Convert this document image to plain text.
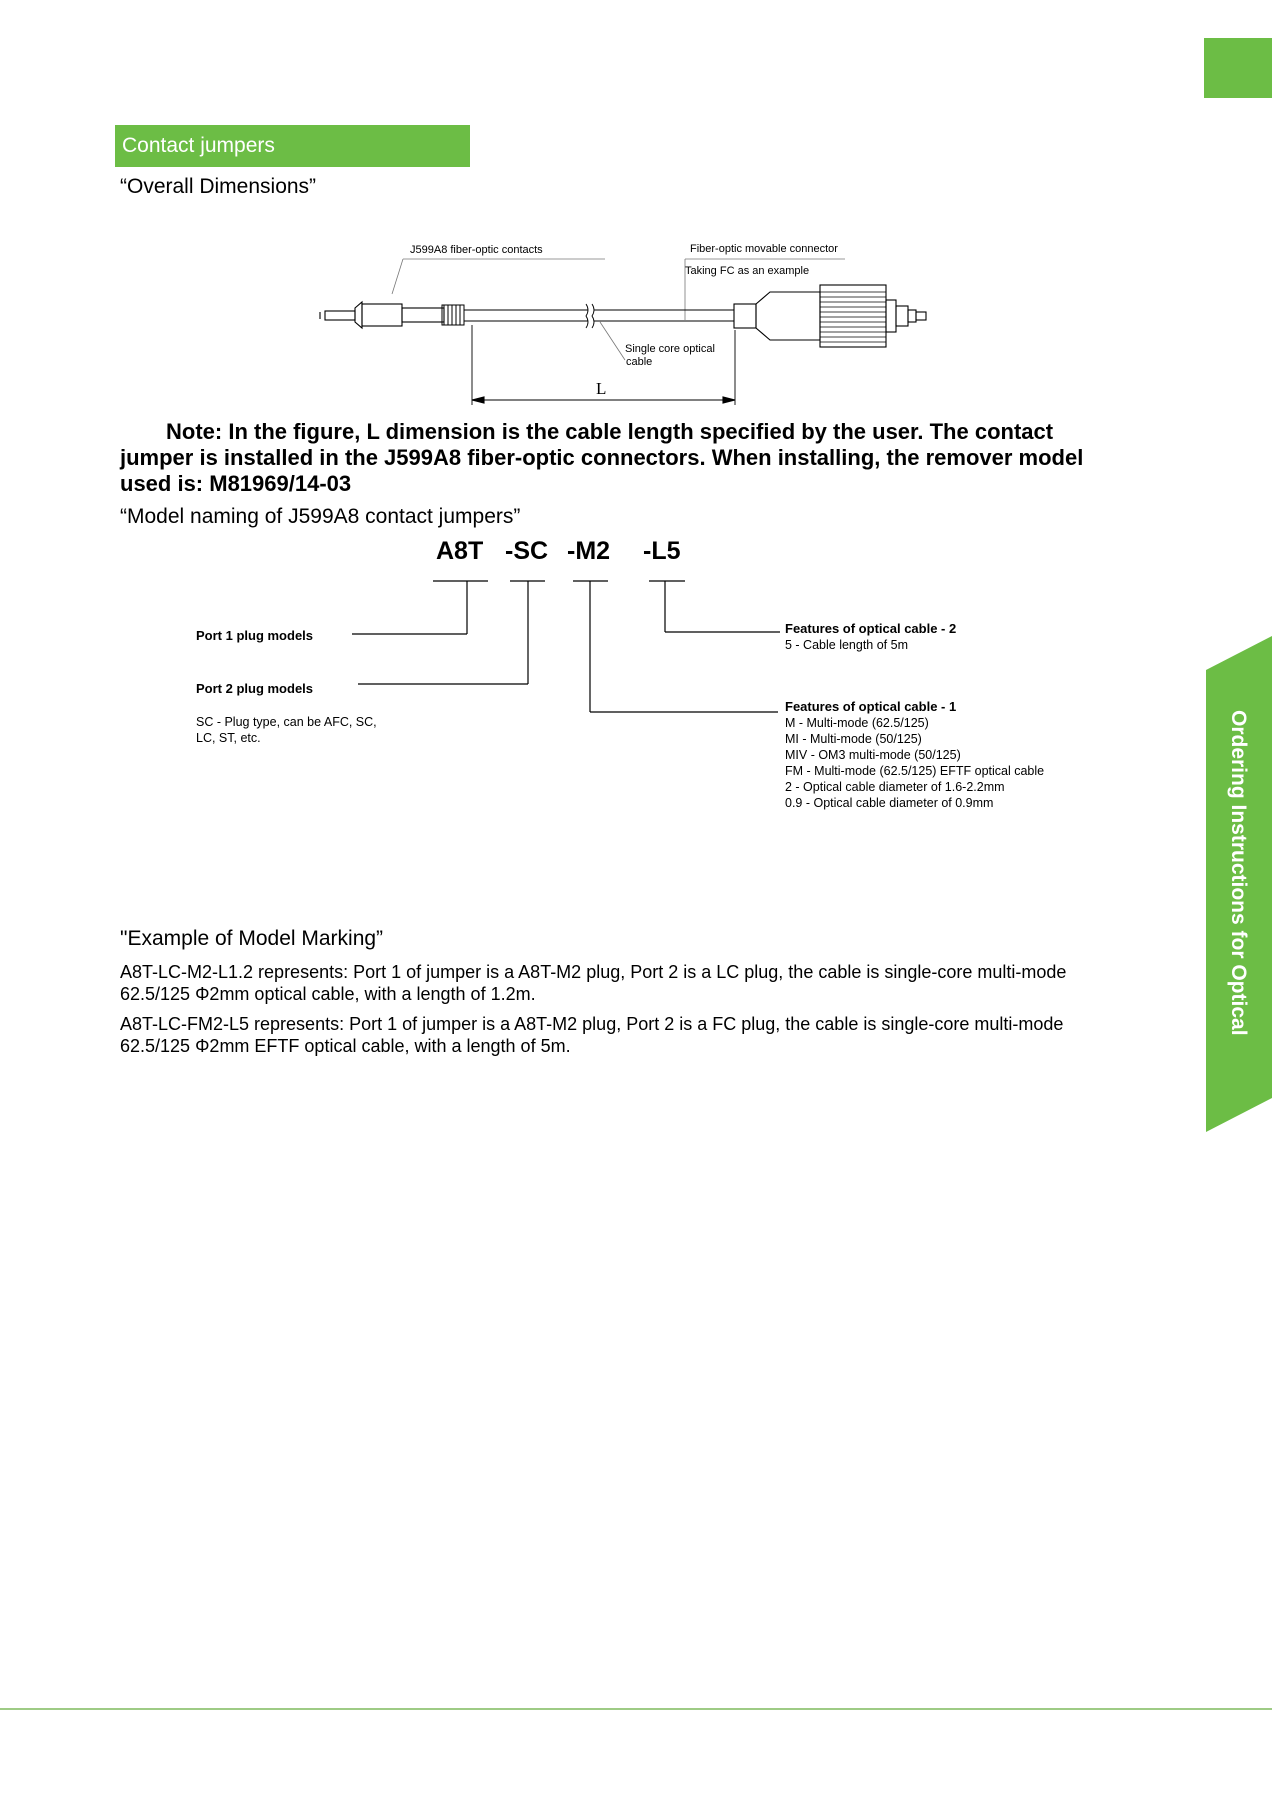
Contact jumpers
“Overall Dimensions”
J599A8 fiber-optic contacts	Fiber-optic movable connector
Taking FC as an example
Single core optical
cable
L
Note: In the figure, L dimension is the cable length specified by the user. The contact
jumper is installed in the J599A8 fiber-optic connectors. When installing, the remover model
used is: M81969/14-03
“Model naming of J599A8 contact jumpers”
A8T -SC -M2 -L5
Port 1 plug models
Port 2 plug models
SC - Plug type, can be AFC, SC,
LC, ST, etc.
Features of optical cable - 2
5 - Cable length of 5m
Features of optical cable - 1
M - Multi-mode (62.5/125)
MI - Multi-mode (50/125)
MIV - OM3 multi-mode (50/125)
FM - Multi-mode (62.5/125) EFTF optical cable
2 - Optical cable diameter of 1.6-2.2mm
0.9 - Optical cable diameter of 0.9mm
"Example of Model Marking”
A8T-LC-M2-L1.2 represents: Port 1 of jumper is a A8T-M2 plug, Port 2 is a LC plug, the cable is single-core multi-mode
62.5/125 Φ2mm optical cable, with a length of 1.2m.
A8T-LC-FM2-L5 represents: Port 1 of jumper is a A8T-M2 plug, Port 2 is a FC plug, the cable is single-core multi-mode
62.5/125 Φ2mm EFTF optical cable, with a length of 5m.
Ordering Instructions for Optical
